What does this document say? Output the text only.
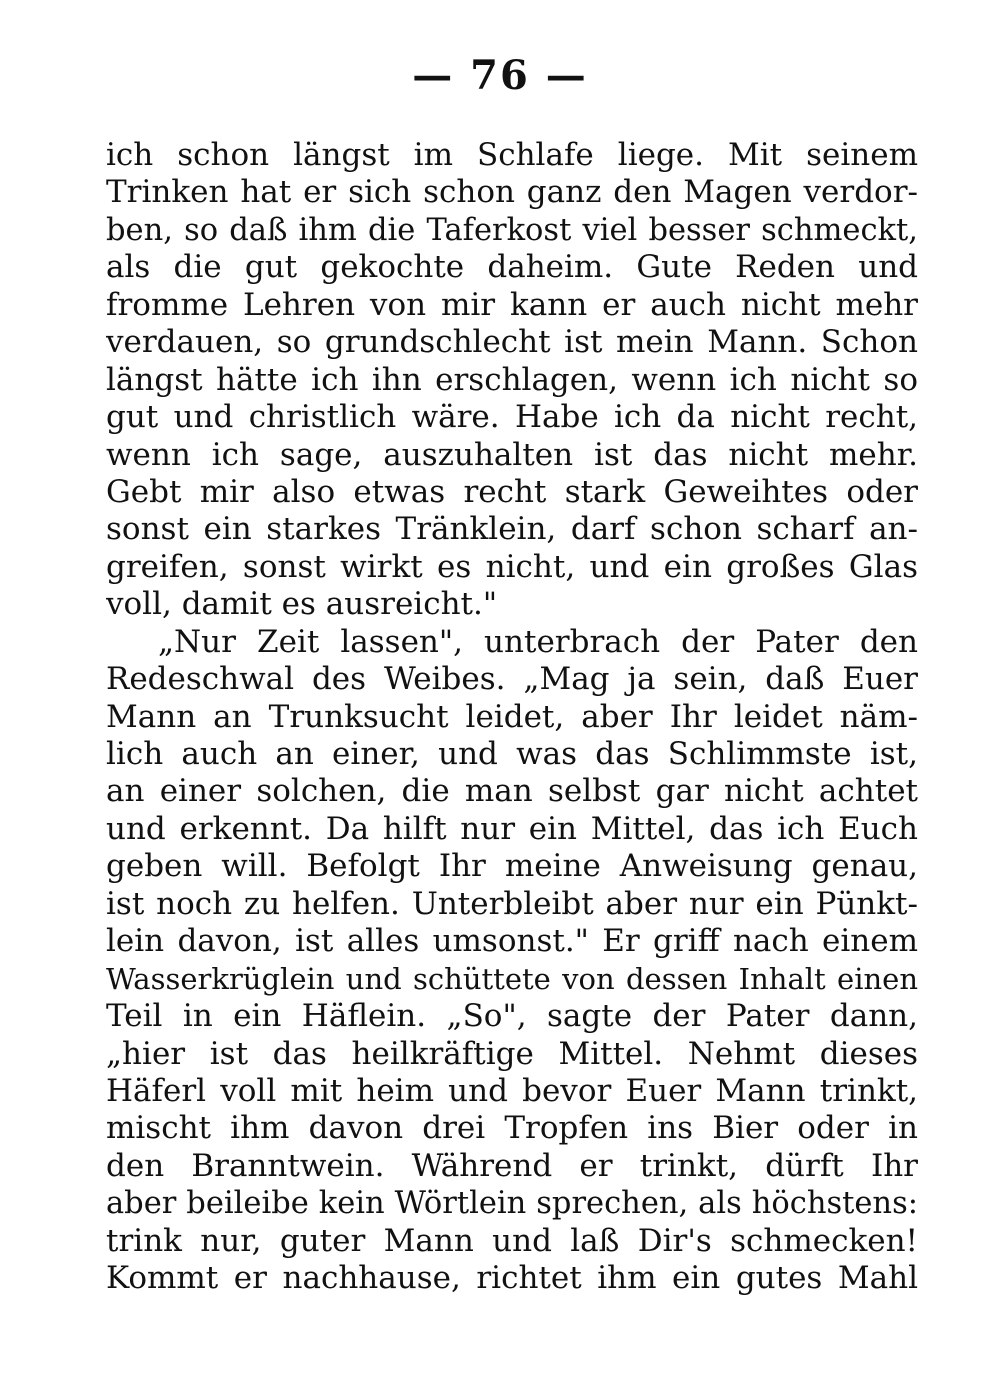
— 76 —
ich schon längst im Schlafe liege. Mit seinem
Trinken hat er sich schon ganz den Magen verdor-
ben, so daß ihm die Taferkost viel besser schmeckt,
als die gut gekochte daheim. Gute Reden und
fromme Lehren von mir kann er auch nicht mehr
verdauen, so grundschlecht ist mein Mann. Schon
längst hätte ich ihn erschlagen, wenn ich nicht so
gut und christlich wäre. Habe ich da nicht recht,
wenn ich sage, auszuhalten ist das nicht mehr.
Gebt mir also etwas recht stark Geweihtes oder
sonst ein starkes Tränklein, darf schon scharf an-
greifen, sonst wirkt es nicht, und ein großes Glas
voll, damit es ausreicht."
„Nur Zeit lassen", unterbrach der Pater den
Redeschwal des Weibes. „Mag ja sein, daß Euer
Mann an Trunksucht leidet, aber Ihr leidet näm-
lich auch an einer, und was das Schlimmste ist,
an einer solchen, die man selbst gar nicht achtet
und erkennt. Da hilft nur ein Mittel, das ich Euch
geben will. Befolgt Ihr meine Anweisung genau,
ist noch zu helfen. Unterbleibt aber nur ein Pünkt-
lein davon, ist alles umsonst." Er griff nach einem
Wasserkrüglein und schüttete von dessen Inhalt einen
Teil in ein Häflein. „So", sagte der Pater dann,
„hier ist das heilkräftige Mittel. Nehmt dieses
Häferl voll mit heim und bevor Euer Mann trinkt,
mischt ihm davon drei Tropfen ins Bier oder in
den Branntwein. Während er trinkt, dürft Ihr
aber beileibe kein Wörtlein sprechen, als höchstens:
trink nur, guter Mann und laß Dir's schmecken!
Kommt er nachhause, richtet ihm ein gutes Mahl
